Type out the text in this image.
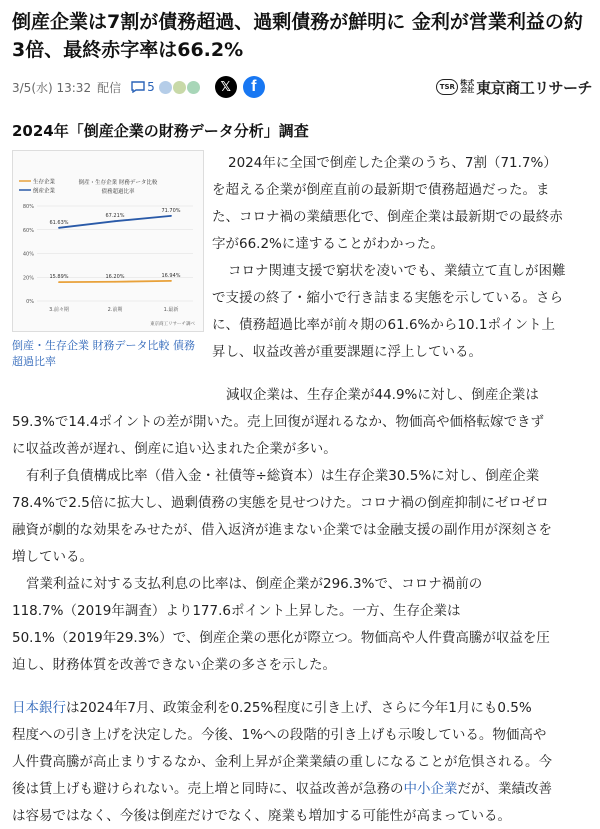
倒産企業は7割が債務超過、過剰債務が鮮明に 金利が営業利益の約
3倍、最終赤字率は66.2%
3/5(水) 13:32 配信 5	𝕏 f	TSR 株式
会社 東京商工リサーチ
2024年「倒産企業の財務データ分析」調査
生存企業
倒産企業
倒産・生存企業 財務データ比較
債務超過比率
80%
60%
40%
20%
0%
3.前々期	2.前期	1.最新
15.89%	16.20%	16.94%
61.63%
67.21%
71.70%
東京商工リサーチ調べ
倒産・生存企業 財務データ比較 債務
超過比率
2024年に全国で倒産した企業のうち、7割（71.7%）
を超える企業が倒産直前の最新期で債務超過だった。ま
た、コロナ禍の業績悪化で、倒産企業は最新期での最終赤
字が66.2%に達することがわかった。
コロナ関連支援で窮状を凌いでも、業績立て直しが困難
で支援の終了・縮小で行き詰まる実態を示している。さら
に、債務超過比率が前々期の61.6%から10.1ポイント上
昇し、収益改善が重要課題に浮上している。
減収企業は、生存企業が44.9%に対し、倒産企業は
59.3%で14.4ポイントの差が開いた。売上回復が遅れるなか、物価高や価格転嫁できず
に収益改善が遅れ、倒産に追い込まれた企業が多い。
有利子負債構成比率（借入金・社債等÷総資本）は生存企業30.5%に対し、倒産企業
78.4%で2.5倍に拡大し、過剰債務の実態を見せつけた。コロナ禍の倒産抑制にゼロゼロ
融資が劇的な効果をみせたが、借入返済が進まない企業では金融支援の副作用が深刻さを
増している。
営業利益に対する支払利息の比率は、倒産企業が296.3%で、コロナ禍前の
118.7%（2019年調査）より177.6ポイント上昇した。一方、生存企業は
50.1%（2019年29.3%）で、倒産企業の悪化が際立つ。物価高や人件費高騰が収益を圧
迫し、財務体質を改善できない企業の多さを示した。
日本銀行は2024年7月、政策金利を0.25%程度に引き上げ、さらに今年1月にも0.5%
程度への引き上げを決定した。今後、1%への段階的引き上げも示唆している。物価高や
人件費高騰が高止まりするなか、金利上昇が企業業績の重しになることが危惧される。今
後は賃上げも避けられない。売上増と同時に、収益改善が急務の中小企業だが、業績改善
は容易ではなく、今後は倒産だけでなく、廃業も増加する可能性が高まっている。
